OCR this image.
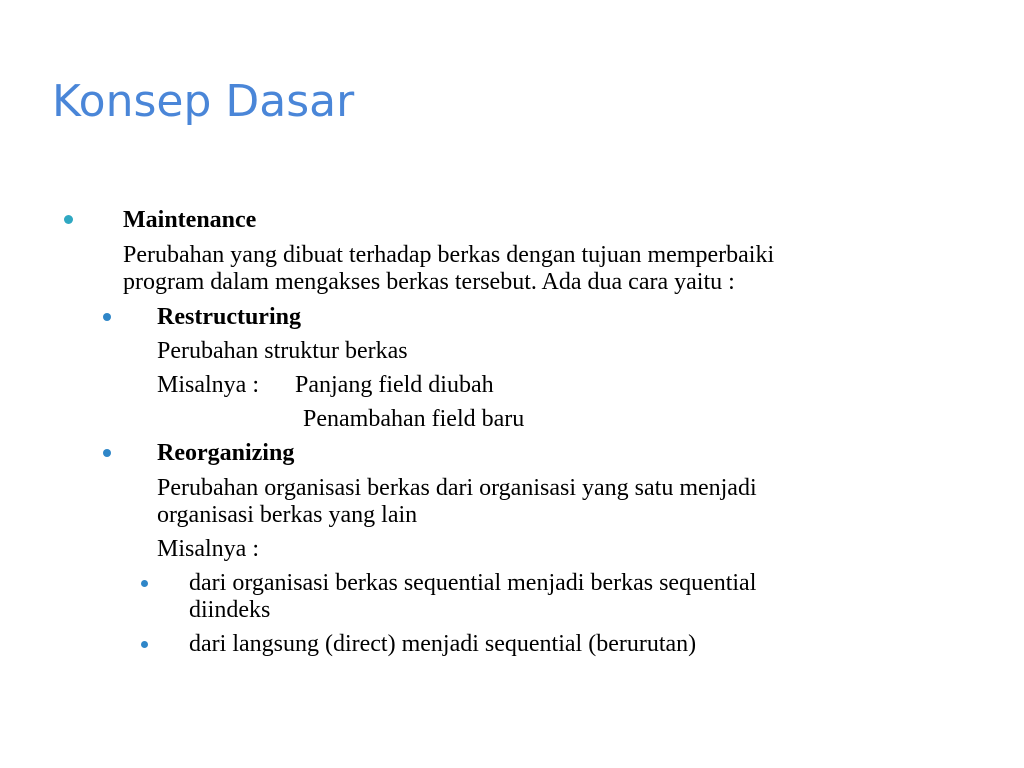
Konsep Dasar
Maintenance
Perubahan yang dibuat terhadap berkas dengan tujuan memperbaiki
program dalam mengakses berkas tersebut. Ada dua cara yaitu :
Restructuring
Perubahan struktur berkas
Misalnya : Panjang field diubah
Penambahan field baru
Reorganizing
Perubahan organisasi berkas dari organisasi yang satu menjadi
organisasi berkas yang lain
Misalnya :
dari organisasi berkas sequential menjadi berkas sequential
diindeks
dari langsung (direct) menjadi sequential (berurutan)
